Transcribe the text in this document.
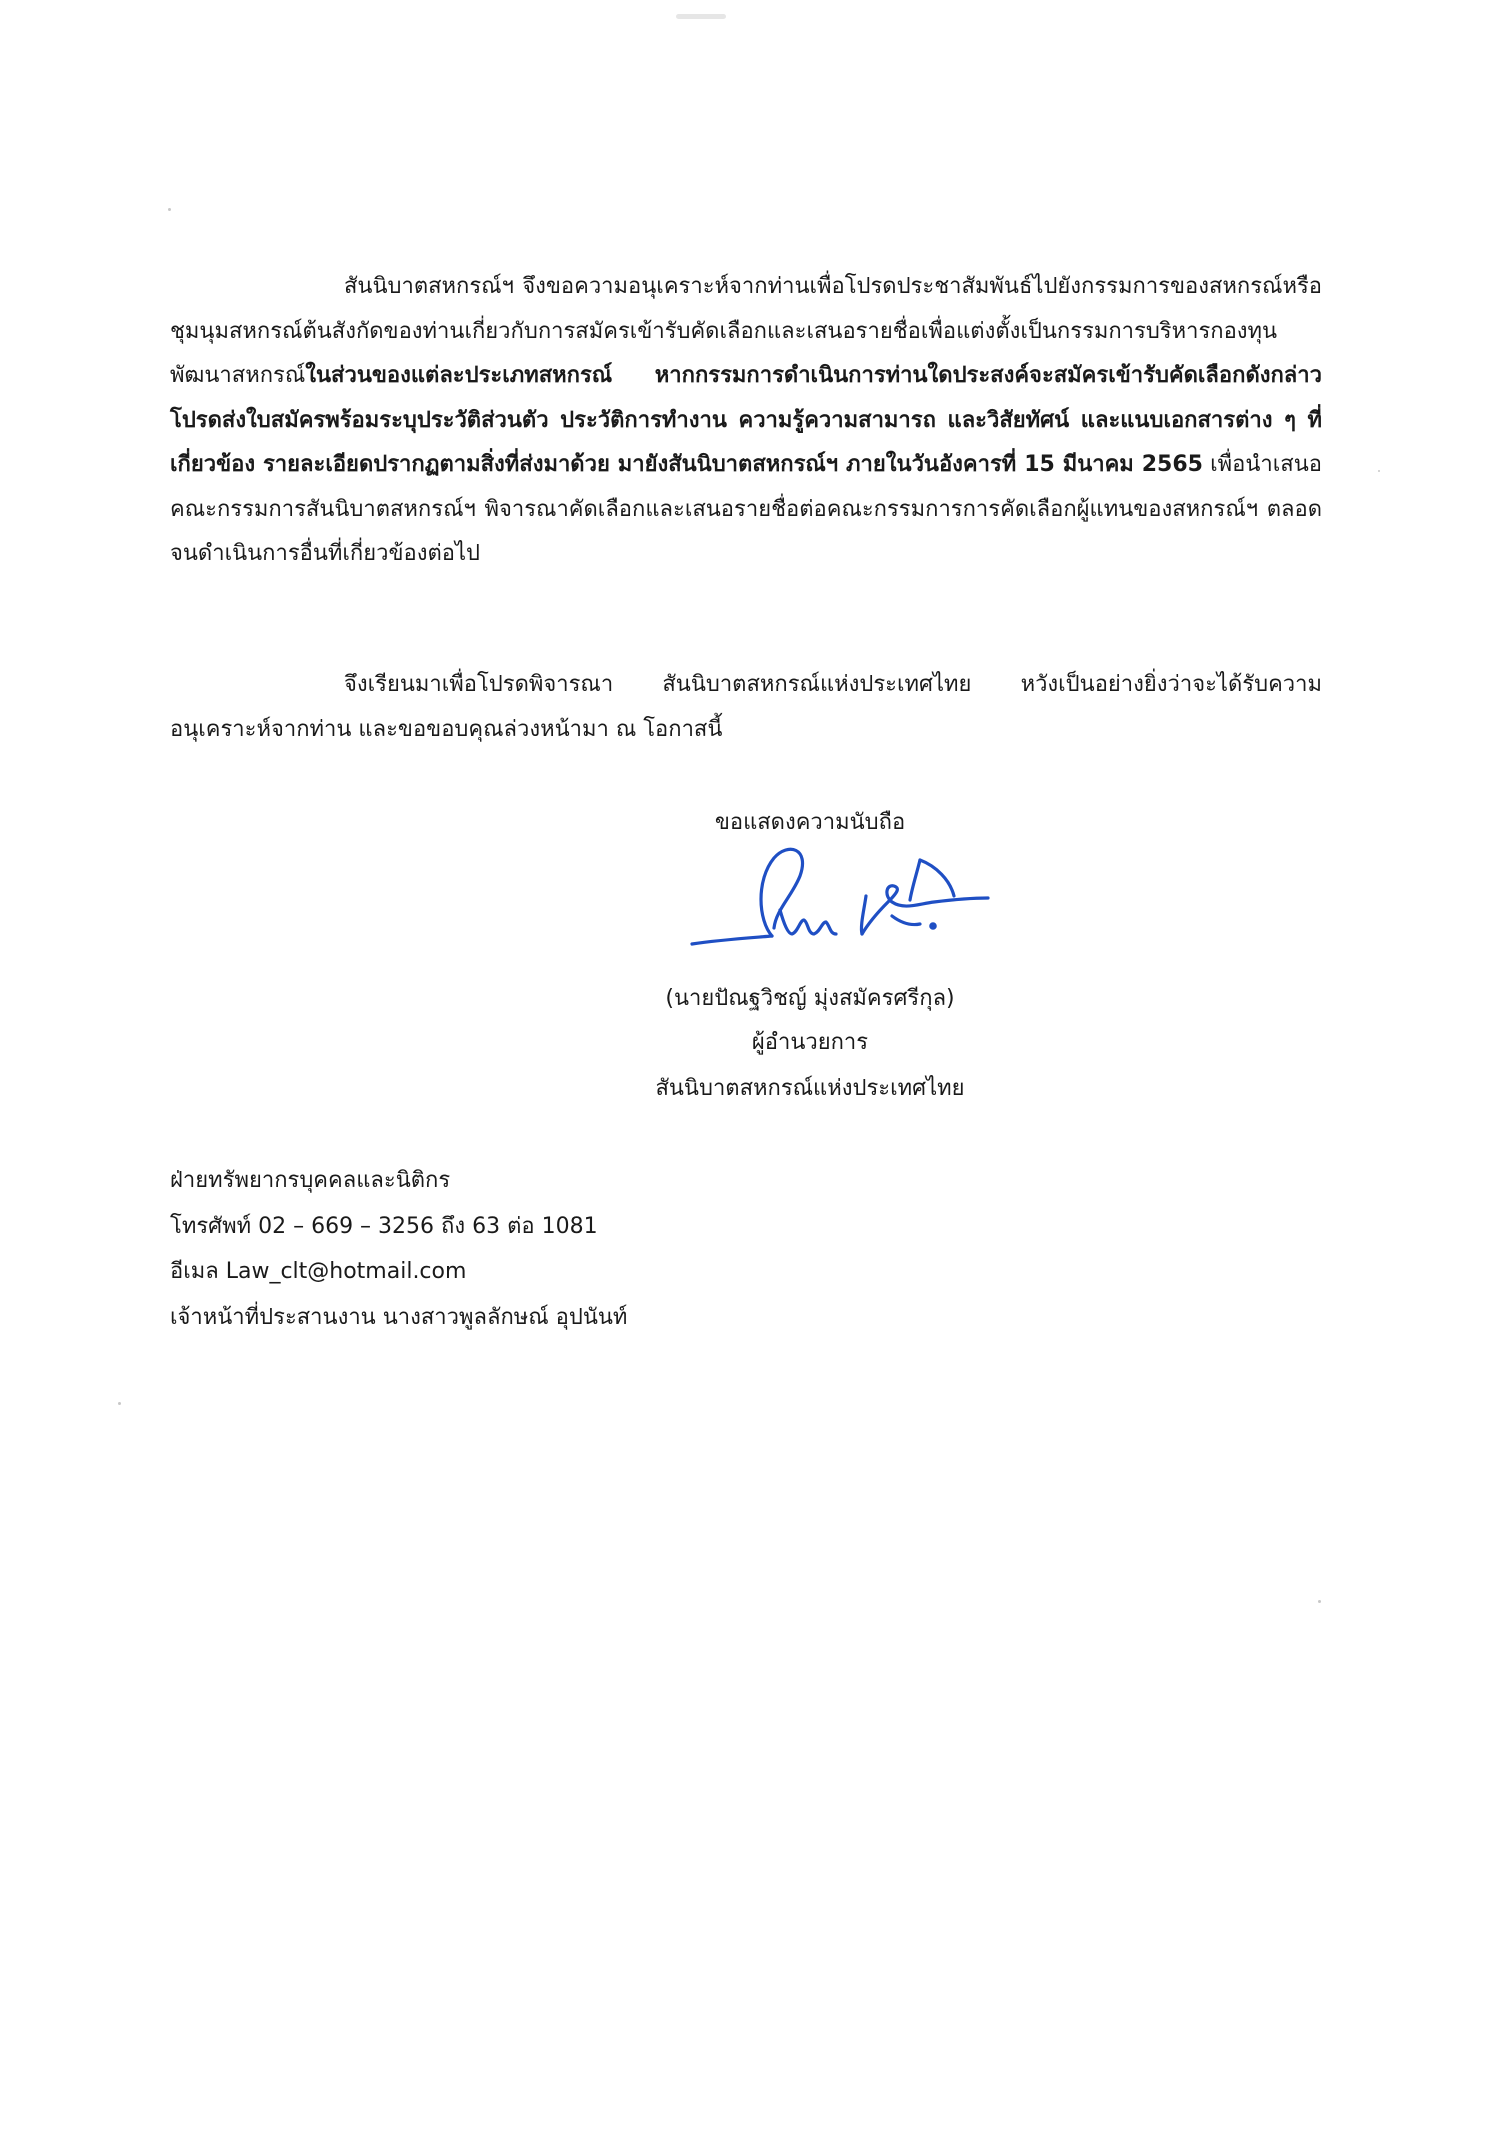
สันนิบาตสหกรณ์ฯ จึงขอความอนุเคราะห์จากท่านเพื่อโปรดประชาสัมพันธ์ไปยังกรรมการของสหกรณ์หรือชุมนุมสหกรณ์ต้นสังกัดของท่านเกี่ยวกับการสมัครเข้ารับคัดเลือกและเสนอรายชื่อเพื่อแต่งตั้งเป็นกรรมการบริหารกองทุนพัฒนาสหกรณ์ในส่วนของแต่ละประเภทสหกรณ์ หากกรรมการดำเนินการท่านใดประสงค์จะสมัครเข้ารับคัดเลือกดังกล่าว โปรดส่งใบสมัครพร้อมระบุประวัติส่วนตัว ประวัติการทำงาน ความรู้ความสามารถ และวิสัยทัศน์ และแนบเอกสารต่าง ๆ ที่เกี่ยวข้อง รายละเอียดปรากฏตามสิ่งที่ส่งมาด้วย มายังสันนิบาตสหกรณ์ฯ ภายในวันอังคารที่ 15 มีนาคม 2565 เพื่อนำเสนอคณะกรรมการสันนิบาตสหกรณ์ฯ พิจารณาคัดเลือกและเสนอรายชื่อต่อคณะกรรมการการคัดเลือกผู้แทนของสหกรณ์ฯ ตลอดจนดำเนินการอื่นที่เกี่ยวข้องต่อไป

จึงเรียนมาเพื่อโปรดพิจารณา สันนิบาตสหกรณ์แห่งประเทศไทย หวังเป็นอย่างยิ่งว่าจะได้รับความอนุเคราะห์จากท่าน และขอขอบคุณล่วงหน้ามา ณ โอกาสนี้

ขอแสดงความนับถือ
(นายปัณฐวิชญ์ มุ่งสมัครศรีกุล)
ผู้อำนวยการ
สันนิบาตสหกรณ์แห่งประเทศไทย
ฝ่ายทรัพยากรบุคคลและนิติกร
โทรศัพท์ 02 – 669 – 3256 ถึง 63 ต่อ 1081
อีเมล Law_clt@hotmail.com
เจ้าหน้าที่ประสานงาน นางสาวพูลลักษณ์ อุปนันท์
